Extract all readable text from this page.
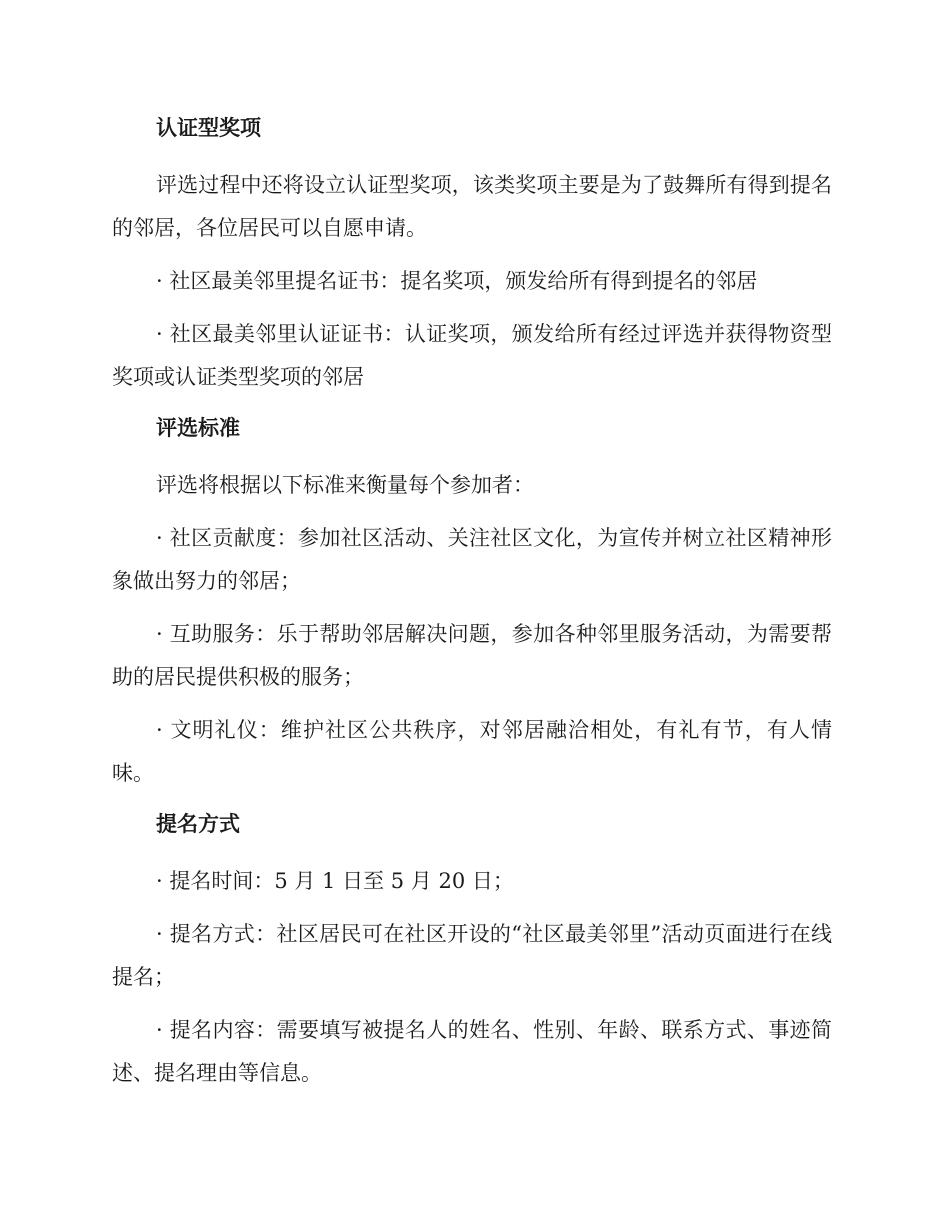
认证型奖项

评选过程中还将设立认证型奖项，该类奖项主要是为了鼓舞所有得到提名的邻居，各位居民可以自愿申请。

· 社区最美邻里提名证书：提名奖项，颁发给所有得到提名的邻居

· 社区最美邻里认证证书：认证奖项，颁发给所有经过评选并获得物资型奖项或认证类型奖项的邻居

评选标准

评选将根据以下标准来衡量每个参加者：

· 社区贡献度：参加社区活动、关注社区文化，为宣传并树立社区精神形象做出努力的邻居；

· 互助服务：乐于帮助邻居解决问题，参加各种邻里服务活动，为需要帮助的居民提供积极的服务；

· 文明礼仪：维护社区公共秩序，对邻居融洽相处，有礼有节，有人情味。

提名方式

· 提名时间：5 月 1 日至 5 月 20 日；

· 提名方式：社区居民可在社区开设的“社区最美邻里”活动页面进行在线提名；

· 提名内容：需要填写被提名人的姓名、性别、年龄、联系方式、事迹简述、提名理由等信息。
